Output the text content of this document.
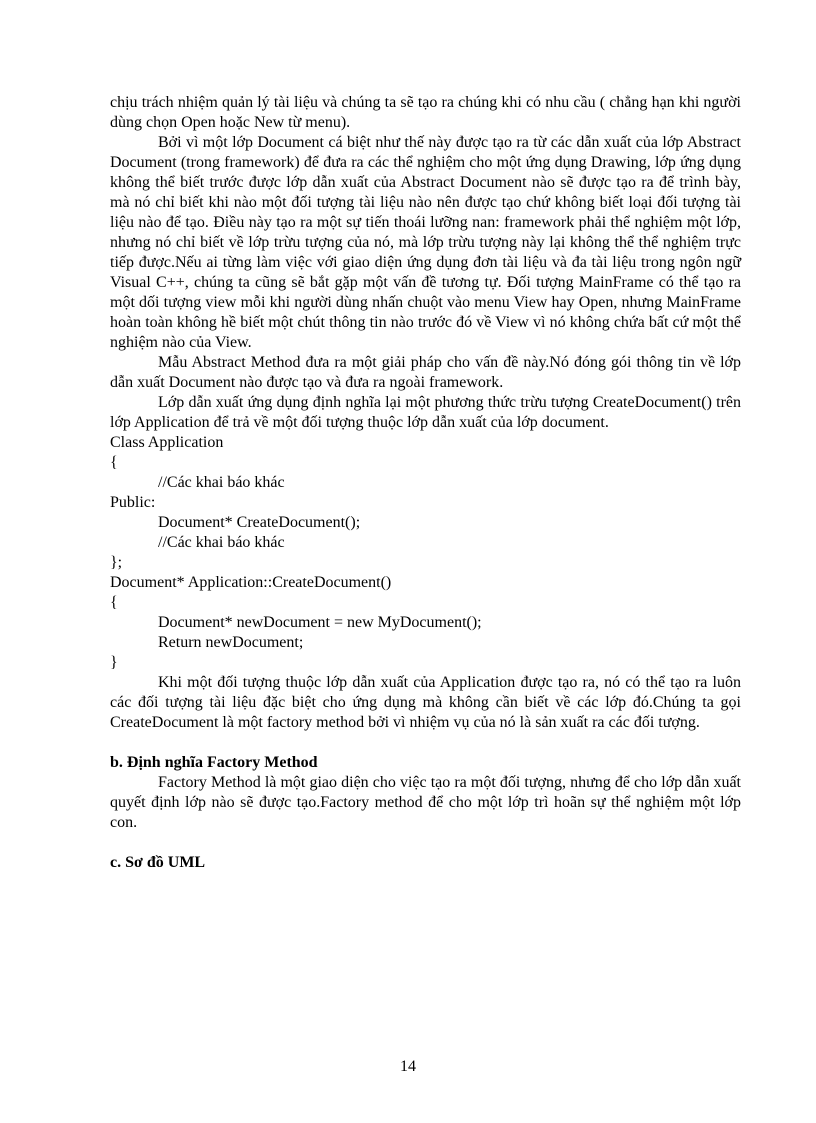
chịu trách nhiệm quản lý tài liệu và chúng ta sẽ tạo ra chúng khi có nhu cầu ( chẳng hạn khi người dùng chọn Open hoặc New từ menu).

Bởi vì một lớp Document cá biệt như thế này được tạo ra từ các dẫn xuất của lớp Abstract Document (trong framework) để đưa ra các thể nghiệm cho một ứng dụng Drawing, lớp ứng dụng không thể biết trước được lớp dẫn xuất của Abstract Document nào sẽ được tạo ra để trình bày, mà nó chỉ biết khi nào một đối tượng tài liệu nào nên được tạo chứ không biết loại đối tượng tài liệu nào để tạo. Điều này tạo ra một sự tiến thoái lưỡng nan: framework phải thể nghiệm một lớp, nhưng nó chỉ biết về lớp trừu tượng của nó, mà lớp trừu tượng này lại không thể thể nghiệm trực tiếp được.Nếu ai từng làm việc với giao diện ứng dụng đơn tài liệu và đa tài liệu trong ngôn ngữ Visual C++, chúng ta cũng sẽ bắt gặp một vấn đề tương tự. Đối tượng MainFrame có thể tạo ra một dối tượng view mỗi khi người dùng nhấn chuột vào menu View hay Open, nhưng MainFrame hoàn toàn không hề biết một chút thông tin nào trước đó về View vì nó không chứa bất cứ một thể nghiệm nào của View.

Mẫu Abstract Method đưa ra một giải pháp cho vấn đề này.Nó đóng gói thông tin về lớp dẫn xuất Document nào được tạo và đưa ra ngoài framework.

Lớp dẫn xuất ứng dụng định nghĩa lại một phương thức trừu tượng CreateDocument() trên lớp Application để trả về một đối tượng thuộc lớp dẫn xuất của lớp document.

Class Application
{
//Các khai báo khác
Public:
Document* CreateDocument();
//Các khai báo khác
};
Document* Application::CreateDocument()
{
Document* newDocument = new MyDocument();
Return newDocument;
}

Khi một đối tượng thuộc lớp dẫn xuất của Application được tạo ra, nó có thể tạo ra luôn các đối tượng tài liệu đặc biệt cho ứng dụng mà không cần biết về các lớp đó.Chúng ta gọi CreateDocument là một factory method bởi vì nhiệm vụ của nó là sản xuất ra các đối tượng.

b. Định nghĩa Factory Method

Factory Method là một giao diện cho việc tạo ra một đối tượng, nhưng để cho lớp dẫn xuất quyết định lớp nào sẽ được tạo.Factory method để cho một lớp trì hoãn sự thể nghiệm một lớp con.

c. Sơ đồ UML

14
